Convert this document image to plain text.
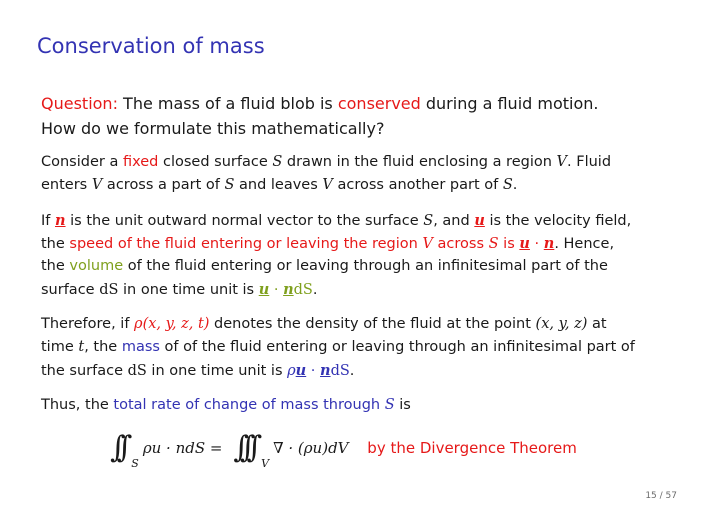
Conservation of mass
Question: The mass of a fluid blob is conserved during a fluid motion.
How do we formulate this mathematically?
Consider a fixed closed surface S drawn in the fluid enclosing a region V. Fluid
enters V across a part of S and leaves V across another part of S.
If n is the unit outward normal vector to the surface S, and u is the velocity field,
the speed of the fluid entering or leaving the region V across S is u · n. Hence,
the volume of the fluid entering or leaving through an infinitesimal part of the
surface dS in one time unit is u · ndS.
Therefore, if ρ(x, y, z, t) denotes the density of the fluid at the point (x, y, z) at
time t, the mass of of the fluid entering or leaving through an infinitesimal part of
the surface dS in one time unit is ρu · ndS.
Thus, the total rate of change of mass through S is
∫∫ $_S$ρu · ndS = ∫∫∫ $_V$∇ · (ρu)dV by the Divergence Theorem
15 / 57
